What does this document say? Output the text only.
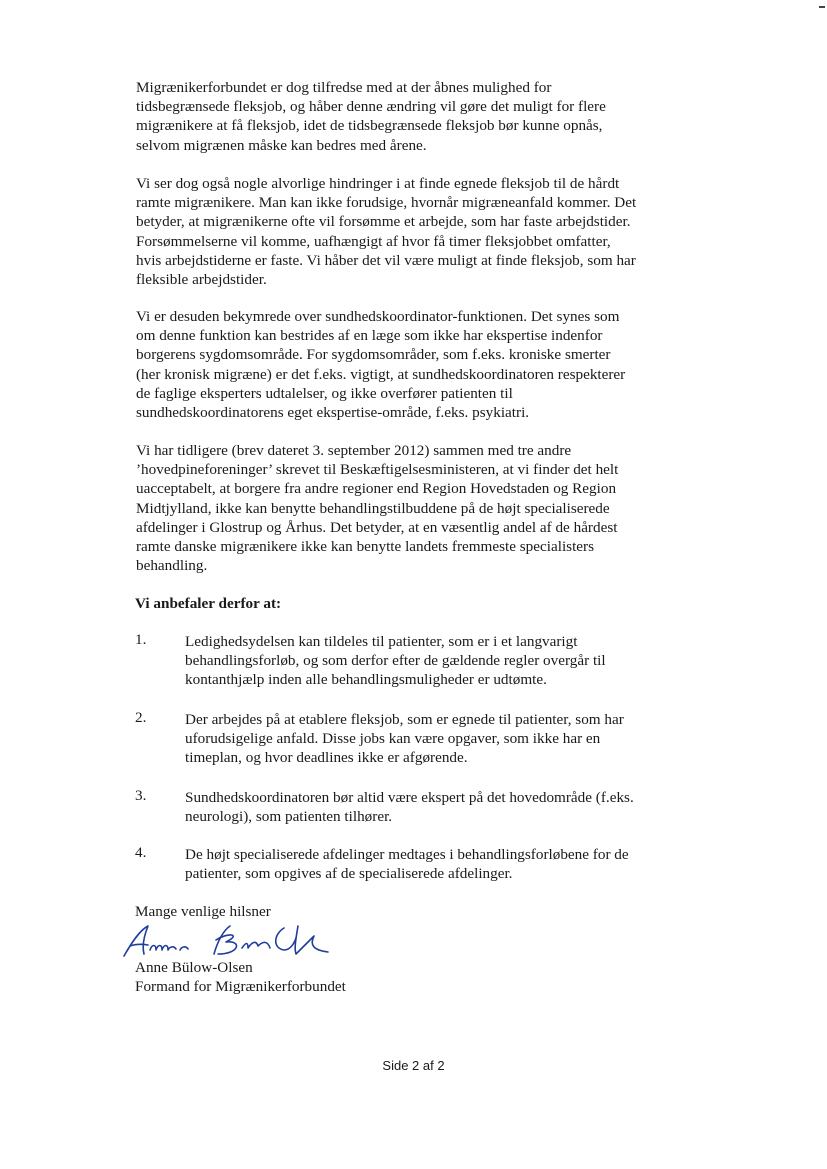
Migrænikerforbundet er dog tilfredse med at der åbnes mulighed for
tidsbegrænsede fleksjob, og håber denne ændring vil gøre det muligt for flere
migrænikere at få fleksjob, idet de tidsbegrænsede fleksjob bør kunne opnås,
selvom migrænen måske kan bedres med årene.

Vi ser dog også nogle alvorlige hindringer i at finde egnede fleksjob til de hårdt
ramte migrænikere. Man kan ikke forudsige, hvornår migræneanfald kommer. Det
betyder, at migrænikerne ofte vil forsømme et arbejde, som har faste arbejdstider.
Forsømmelserne vil komme, uafhængigt af hvor få timer fleksjobbet omfatter,
hvis arbejdstiderne er faste. Vi håber det vil være muligt at finde fleksjob, som har
fleksible arbejdstider.

Vi er desuden bekymrede over sundhedskoordinator-funktionen. Det synes som
om denne funktion kan bestrides af en læge som ikke har ekspertise indenfor
borgerens sygdomsområde. For sygdomsområder, som f.eks. kroniske smerter
(her kronisk migræne) er det f.eks. vigtigt, at sundhedskoordinatoren respekterer
de faglige eksperters udtalelser, og ikke overfører patienten til
sundhedskoordinatorens eget ekspertise-område, f.eks. psykiatri.

Vi har tidligere (brev dateret 3. september 2012) sammen med tre andre
’hovedpineforeninger’ skrevet til Beskæftigelsesministeren, at vi finder det helt
uacceptabelt, at borgere fra andre regioner end Region Hovedstaden og Region
Midtjylland, ikke kan benytte behandlingstilbuddene på de højt specialiserede
afdelinger i Glostrup og Århus. Det betyder, at en væsentlig andel af de hårdest
ramte danske migrænikere ikke kan benytte landets fremmeste specialisters
behandling.

Vi anbefaler derfor at:

1.	Ledighedsydelsen kan tildeles til patienter, som er i et langvarigt
behandlingsforløb, og som derfor efter de gældende regler overgår til
kontanthjælp inden alle behandlingsmuligheder er udtømte.
2.	Der arbejdes på at etablere fleksjob, som er egnede til patienter, som har
uforudsigelige anfald. Disse jobs kan være opgaver, som ikke har en
timeplan, og hvor deadlines ikke er afgørende.
3.	Sundhedskoordinatoren bør altid være ekspert på det hovedområde (f.eks.
neurologi), som patienten tilhører.
4.	De højt specialiserede afdelinger medtages i behandlingsforløbene for de
patienter, som opgives af de specialiserede afdelinger.
Mange venlige hilsner
Anne Bülow-Olsen
Formand for Migrænikerforbundet
Side 2 af 2
